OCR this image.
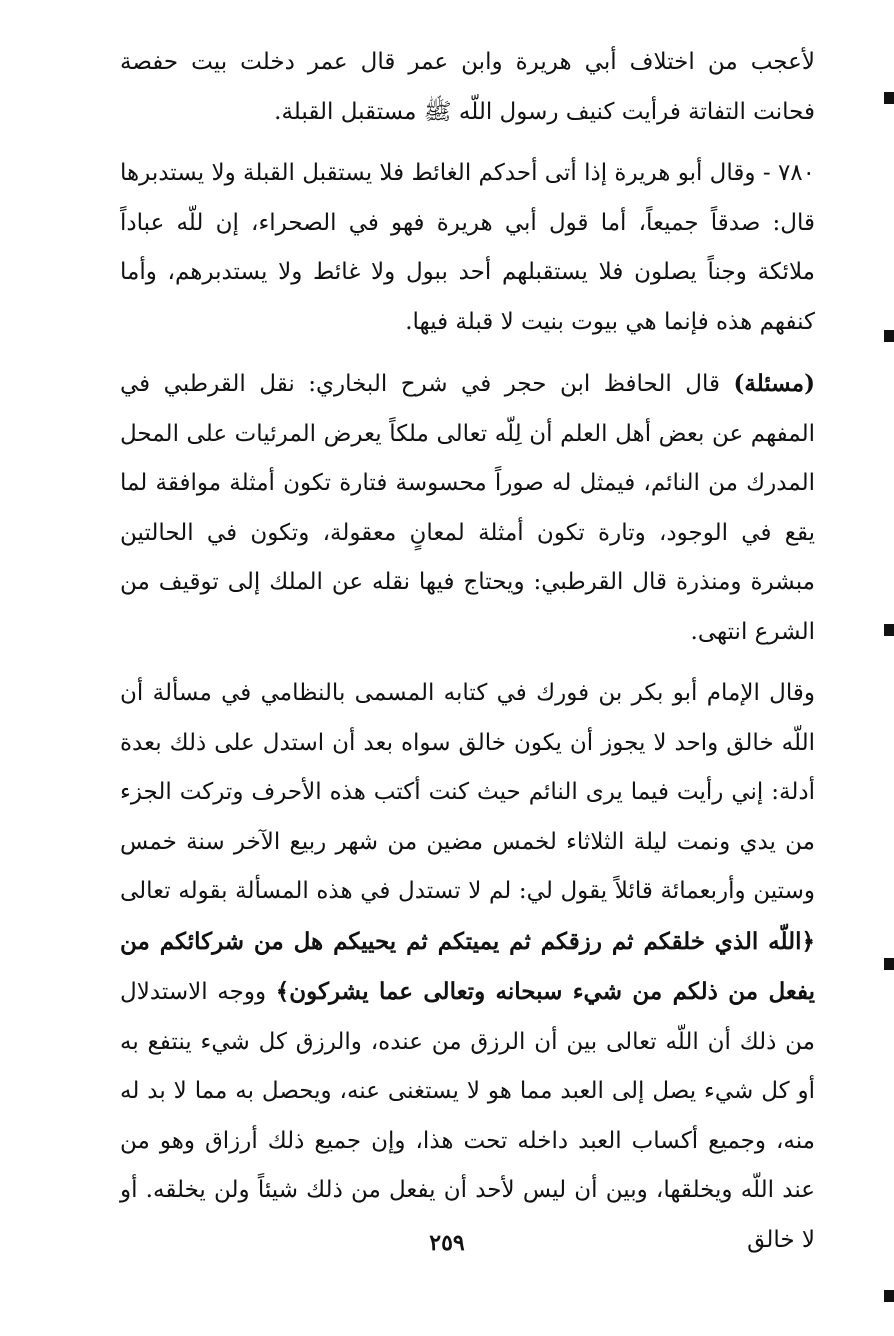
لأعجب من اختلاف أبي هريرة وابن عمر قال عمر دخلت بيت حفصة فحانت التفاتة فرأيت كنيف رسول اللّه ﷺ مستقبل القبلة.

٧٨٠ - وقال أبو هريرة إذا أتى أحدكم الغائط فلا يستقبل القبلة ولا يستدبرها قال: صدقاً جميعاً، أما قول أبي هريرة فهو في الصحراء، إن للّه عباداً ملائكة وجناً يصلون فلا يستقبلهم أحد ببول ولا غائط ولا يستدبرهم، وأما كنفهم هذه فإنما هي بيوت بنيت لا قبلة فيها.

(مسئلة) قال الحافظ ابن حجر في شرح البخاري: نقل القرطبي في المفهم عن بعض أهل العلم أن لِلّه تعالى ملكاً يعرض المرئيات على المحل المدرك من النائم، فيمثل له صوراً محسوسة فتارة تكون أمثلة موافقة لما يقع في الوجود، وتارة تكون أمثلة لمعانٍ معقولة، وتكون في الحالتين مبشرة ومنذرة قال القرطبي: ويحتاج فيها نقله عن الملك إلى توقيف من الشرع انتهى.

وقال الإمام أبو بكر بن فورك في كتابه المسمى بالنظامي في مسألة أن اللّه خالق واحد لا يجوز أن يكون خالق سواه بعد أن استدل على ذلك بعدة أدلة: إني رأيت فيما يرى النائم حيث كنت أكتب هذه الأحرف وتركت الجزء من يدي ونمت ليلة الثلاثاء لخمس مضين من شهر ربيع الآخر سنة خمس وستين وأربعمائة قائلاً يقول لي: لم لا تستدل في هذه المسألة بقوله تعالى ﴿اللّه الذي خلقكم ثم رزقكم ثم يميتكم ثم يحييكم هل من شركائكم من يفعل من ذلكم من شيء سبحانه وتعالى عما يشركون﴾ ووجه الاستدلال من ذلك أن اللّه تعالى بين أن الرزق من عنده، والرزق كل شيء ينتفع به أو كل شيء يصل إلى العبد مما هو لا يستغنى عنه، ويحصل به مما لا بد له منه، وجميع أكساب العبد داخله تحت هذا، وإن جميع ذلك أرزاق وهو من عند اللّه ويخلقها، وبين أن ليس لأحد أن يفعل من ذلك شيئاً ولن يخلقه. أو لا خالق

٢٥٩
